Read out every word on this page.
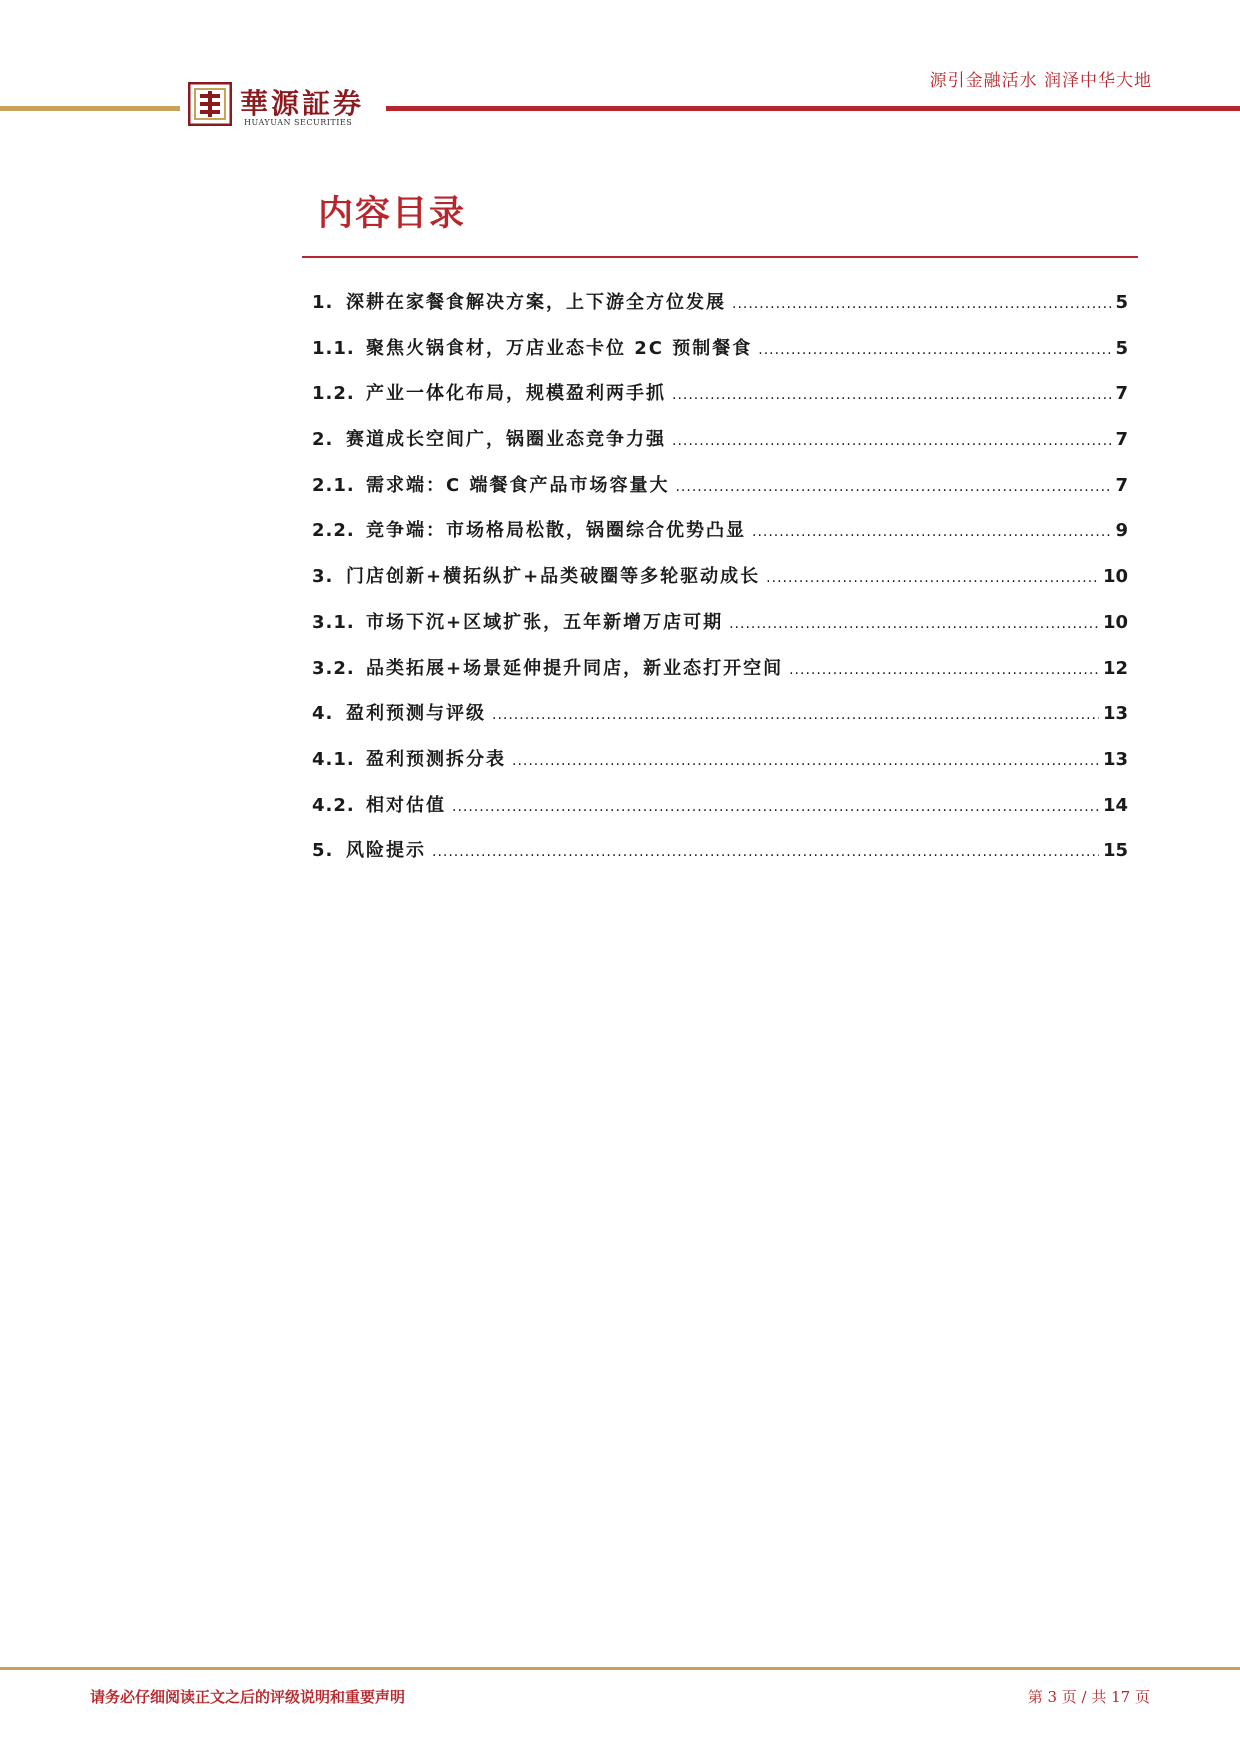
華源証券
HUAYUAN SECURITIES
源引金融活水 润泽中华大地
内容目录
1. 深耕在家餐食解决方案，上下游全方位发展 .....	5
1.1. 聚焦火锅食材，万店业态卡位 2C 预制餐食 .....	5
1.2. 产业一体化布局，规模盈利两手抓 .....	7
2. 赛道成长空间广，锅圈业态竞争力强 .....	7
2.1. 需求端：C 端餐食产品市场容量大 .....	7
2.2. 竞争端：市场格局松散，锅圈综合优势凸显 .....	9
3. 门店创新+横拓纵扩+品类破圈等多轮驱动成长 .....	10
3.1. 市场下沉+区域扩张，五年新增万店可期 .....	10
3.2. 品类拓展+场景延伸提升同店，新业态打开空间 .....	12
4. 盈利预测与评级 .....	13
4.1. 盈利预测拆分表 .....	13
4.2. 相对估值 .....	14
5. 风险提示 .....	15
请务必仔细阅读正文之后的评级说明和重要声明	第 3 页 / 共 17 页
